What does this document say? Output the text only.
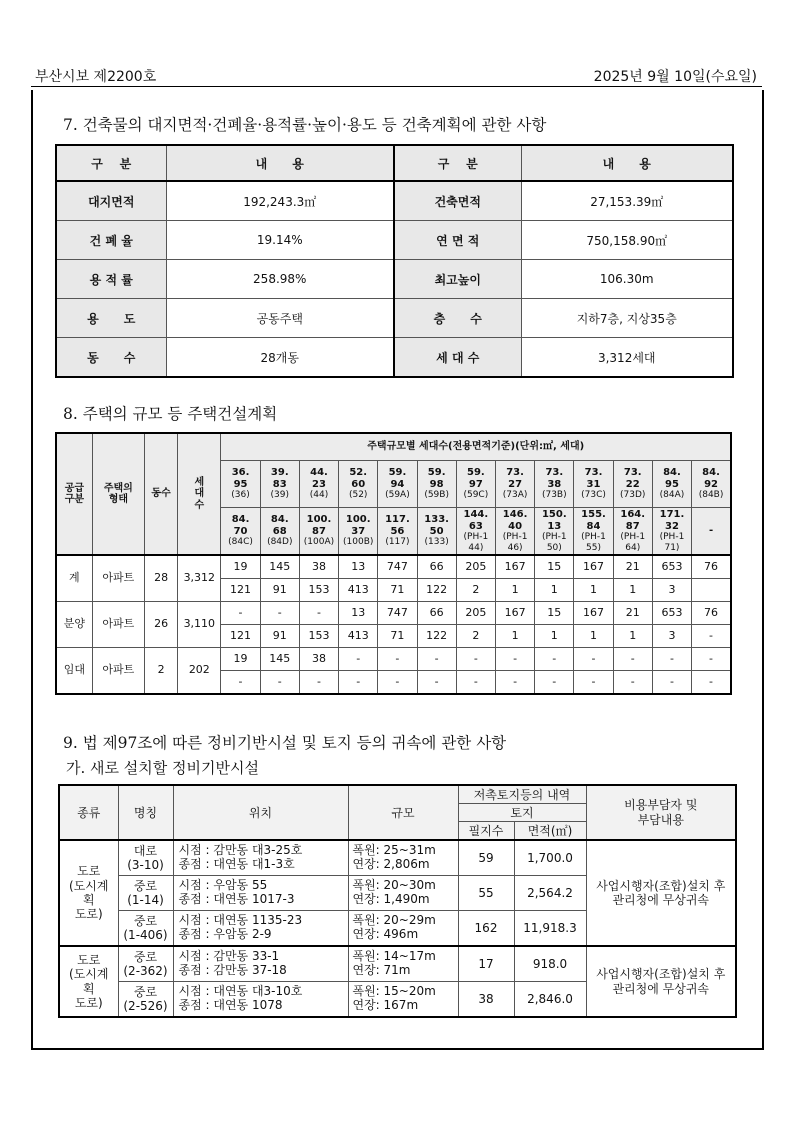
부산시보 제2200호	2025년 9월 10일(수요일)
7. 건축물의 대지면적·건폐율·용적률·높이·용도 등 건축계획에 관한 사항
구    분	내      용	구    분	내      용
대지면적	192,243.3㎡	건축면적	27,153.39㎡
건 폐 율	19.14%	연 면 적	750,158.90㎡
용 적 률	258.98%	최고높이	106.30m
용      도	공동주택	층      수	지하7층, 지상35층
동      수	28개동	세 대 수	3,312세대
8. 주택의 규모 등 주택건설계획
공급
구분	주택의
형태	동수	세
대
수	주택규모별 세대수(전용면적기준)(단위:㎡, 세대)												

				36.
95
(36)	39.
83
(39)	44.
23
(44)	52.
60
(52)	59.
94
(59A)	59.
98
(59B)	59.
97
(59C)	73.
27
(73A)	73.
38
(73B)	73.
31
(73C)	73.
22
(73D)	84.
95
(84A)	84.
92
(84B)

				84.
70
(84C)	84.
68
(84D)	100.
87
(100A)	100.
37
(100B)	117.
56
(117)	133.
50
(133)	144.
63
(PH-1
44)	146.
40
(PH-1
46)	150.
13
(PH-1
50)	155.
84
(PH-1
55)	164.
87
(PH-1
64)	171.
32
(PH-1
71)	-

계	아파트	28	3,312	19	145	38	13	747	66	205	167	15	167	21	653	76
				121	91	153	413	71	122	2	1	1	1	1	3	
분양	아파트	26	3,110	-	-	-	13	747	66	205	167	15	167	21	653	76
				121	91	153	413	71	122	2	1	1	1	1	3	-
임대	아파트	2	202	19	145	38	-	-	-	-	-	-	-	-	-	-
				-	-	-	-	-	-	-	-	-	-	-	-	-
9. 법 제97조에 따른 정비기반시설 및 토지 등의 귀속에 관한 사항
가. 새로 설치할 정비기반시설
종류	명칭	위치	규모	저촉토지등의 내역		비용부담자 및
부담내용
				토지		
				필지수	면적(㎡)	
도로
(도시계
획
도로)	대로
(3-10)	시점 : 감만동 대3-25호
종점 : 대연동 대1-3호	폭원: 25~31m
연장: 2,806m	59	1,700.0	사업시행자(조합)설치 후
관리청에 무상귀속
	중로
(1-14)	시점 : 우암동 55
종점 : 대연동 1017-3	폭원: 20~30m
연장: 1,490m	55	2,564.2	
	중로
(1-406)	시점 : 대연동 1135-23
종점 : 우암동 2-9	폭원: 20~29m
연장: 496m	162	11,918.3	
도로
(도시계
획
도로)	중로
(2-362)	시점 : 감만동 33-1
종점 : 감만동 37-18	폭원: 14~17m
연장: 71m	17	918.0	사업시행자(조합)설치 후
관리청에 무상귀속
	중로
(2-526)	시점 : 대연동 대3-10호
종점 : 대연동 1078	폭원: 15~20m
연장: 167m	38	2,846.0	
